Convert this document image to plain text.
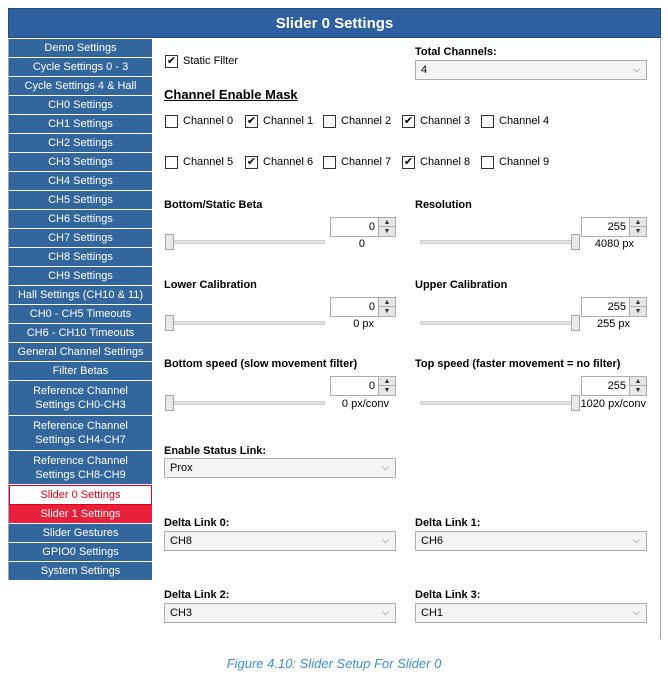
Slider 0 Settings
Demo Settings
Cycle Settings 0 - 3
Cycle Settings 4 & Hall
CH0 Settings
CH1 Settings
CH2 Settings
CH3 Settings
CH4 Settings
CH5 Settings
CH6 Settings
CH7 Settings
CH8 Settings
CH9 Settings
Hall Settings (CH10 & 11)
CH0 - CH5 Timeouts
CH6 - CH10 Timeouts
General Channel Settings
Filter Betas
Reference Channel Settings CH0-CH3
Reference Channel Settings CH4-CH7
Reference Channel Settings CH8-CH9
Slider 0 Settings
Slider 1 Settings
Slider Gestures
GPIO0 Settings
System Settings
✔ Static Filter
Total Channels:
4	⌵
Channel Enable Mask
Channel 0 ✔ Channel 1	Channel 2 ✔ Channel 3	Channel 4
Channel 5 ✔ Channel 6	Channel 7 ✔ Channel 8	Channel 9
Bottom/Static Beta
0	▲
▼
0
Resolution
255	▲
▼
4080 px
Lower Calibration
0	▲
▼
0 px
Upper Calibration
255	▲
▼
255 px
Bottom speed (slow movement filter)
0	▲
▼
0 px/conv
Top speed (faster movement = no filter)
255	▲
▼
1020 px/conv
Enable Status Link:
Prox	⌵
Delta Link 0:
CH8	⌵
Delta Link 1:
CH6	⌵
Delta Link 2:
CH3	⌵
Delta Link 3:
CH1	⌵
Figure 4.10: Slider Setup For Slider 0
